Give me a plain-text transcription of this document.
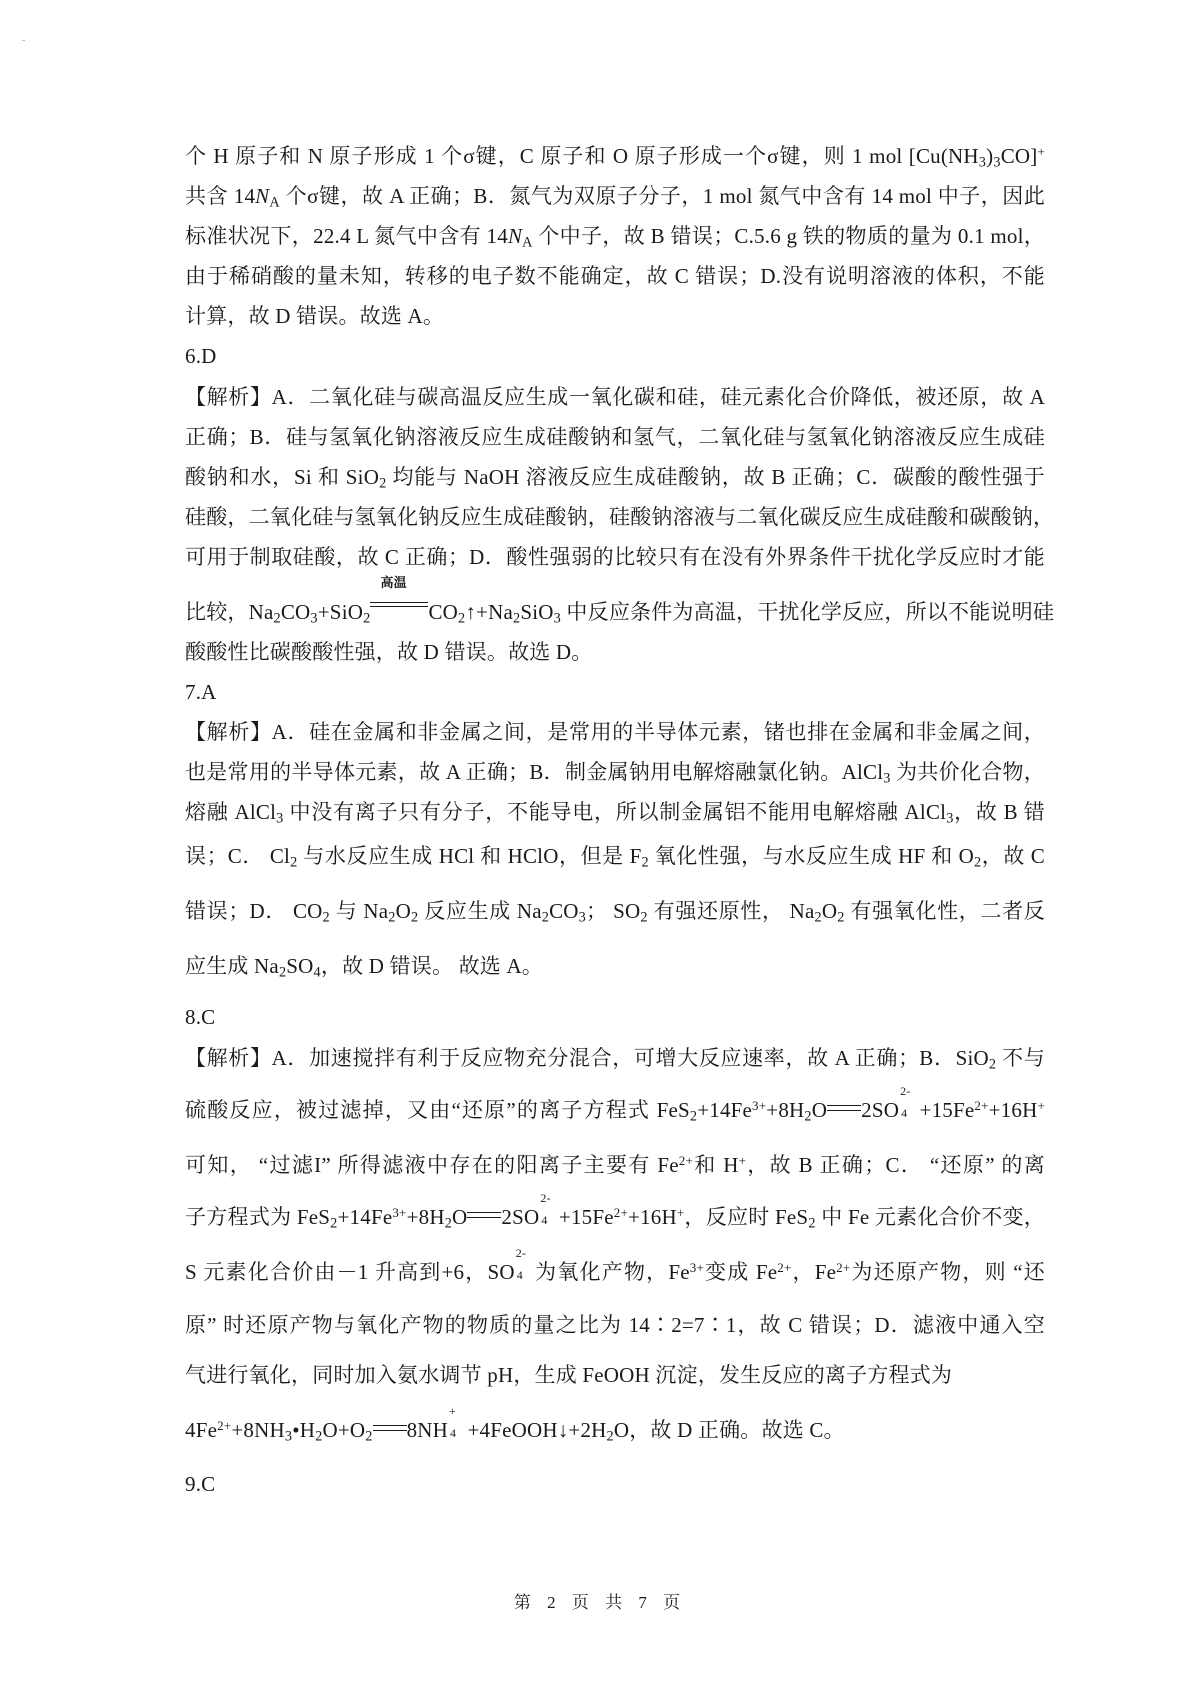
个 H 原子和 N 原子形成 1 个σ键，C 原子和 O 原子形成一个σ键，则 1 mol $[Cu(NH_3)_3CO]^+$
共含 $14N_A$ 个σ键，故 A 正确；B．氮气为双原子分子，1 mol 氮气中含有 14 mol 中子，因此
标准状况下，22.4 L 氮气中含有 $14N_A$ 个中子，故 B 错误；C.5.6 g 铁的物质的量为 0.1 mol，
由于稀硝酸的量未知，转移的电子数不能确定，故 C 错误；D.没有说明溶液的体积，不能
计算，故 D 错误。故选 A。
6.D
【解析】A．二氧化硅与碳高温反应生成一氧化碳和硅，硅元素化合价降低，被还原，故 A
正确；B．硅与氢氧化钠溶液反应生成硅酸钠和氢气，二氧化硅与氢氧化钠溶液反应生成硅
酸钠和水，Si 和 SiO$_2$ 均能与 NaOH 溶液反应生成硅酸钠，故 B 正确；C．碳酸的酸性强于
硅酸，二氧化硅与氢氧化钠反应生成硅酸钠，硅酸钠溶液与二氧化碳反应生成硅酸和碳酸钠，
可用于制取硅酸，故 C 正确；D．酸性强弱的比较只有在没有外界条件干扰化学反应时才能
比较，$Na_2CO_3+SiO_2$
高温
$CO_2↑+Na_2SiO_3$ 中反应条件为高温，干扰化学反应，所以不能说明硅
酸酸性比碳酸酸性强，故 D 错误。故选 D。
7.A
【解析】A．硅在金属和非金属之间，是常用的半导体元素，锗也排在金属和非金属之间，
也是常用的半导体元素，故 A 正确；B．制金属钠用电解熔融氯化钠。AlCl$_3$ 为共价化合物，
熔融 AlCl$_3$ 中没有离子只有分子，不能导电，所以制金属铝不能用电解熔融 AlCl$_3$，故 B 错
误；C． $Cl_2$ 与水反应生成 HCl 和 HClO，但是 $F_2$ 氧化性强，与水反应生成 HF 和 $O_2$，故 C
错误；D． $CO_2$ 与 $Na_2O_2$ 反应生成 $Na_2CO_3$； $SO_2$ 有强还原性， $Na_2O_2$ 有强氧化性，二者反
应生成 $Na_2SO_4$，故 D 错误。 故选 A。
8.C
【解析】A．加速搅拌有利于反应物充分混合，可增大反应速率，故 A 正确；B．SiO$_2$ 不与
硫酸反应，被过滤掉，又由“还原”的离子方程式 $FeS_2+14Fe^{3+}+8H_2O$ 2SO
2-
$4 +15Fe^{2+}+16H^+$
可知， “过滤I” 所得滤液中存在的阳离子主要有 $Fe^{2+}$和 H+，故 B 正确；C． “还原” 的离
子方程式为 $FeS_2+14Fe^{3+}+8H_2O$ 2SO
2-
$4 +15Fe^{2+}+16H^+$，反应时 FeS$_2$ 中 Fe 元素化合价不变，
S 元素化合价由－1 升高到+6，SO
2-
4 为氧化产物，$Fe^{3+}$变成 $Fe^{2+}$，$Fe^{2+}$为还原产物，则 “还
原” 时还原产物与氧化产物的物质的量之比为 14∶2=7∶1，故 C 错误；D．滤液中通入空
气进行氧化，同时加入氨水调节 pH，生成 FeOOH 沉淀，发生反应的离子方程式为
$4Fe^{2+}+8NH_3•H_2O+O_2$ 8NH
+
$4 +4FeOOH↓+2H_2O$，故 D 正确。故选 C。
9.C
第 2 页 共 7 页
